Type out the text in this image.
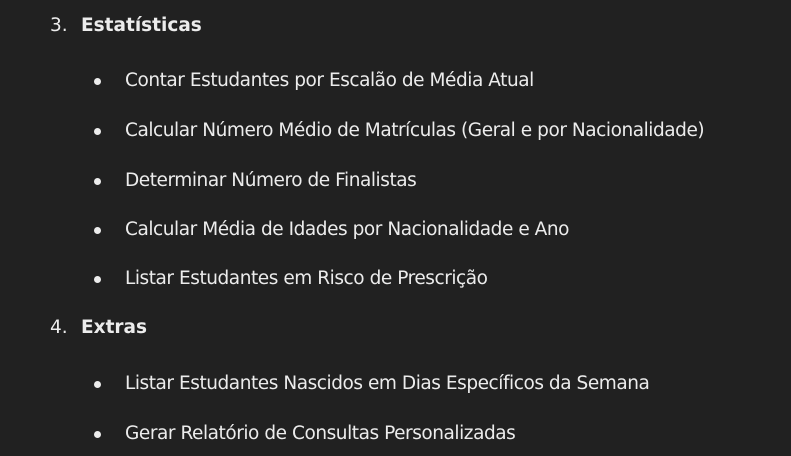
3. Estatísticas
Contar Estudantes por Escalão de Média Atual
Calcular Número Médio de Matrículas (Geral e por Nacionalidade)
Determinar Número de Finalistas
Calcular Média de Idades por Nacionalidade e Ano
Listar Estudantes em Risco de Prescrição
4. Extras
Listar Estudantes Nascidos em Dias Específicos da Semana
Gerar Relatório de Consultas Personalizadas
